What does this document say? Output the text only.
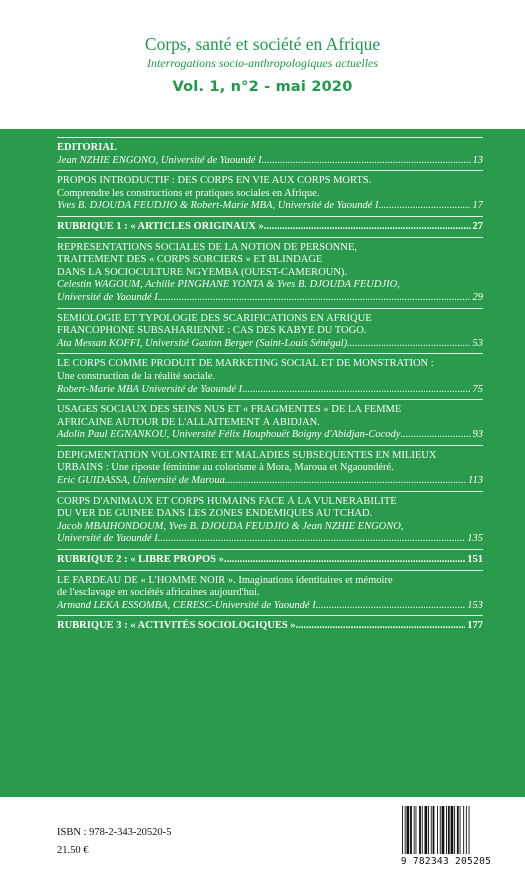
Corps, santé et société en Afrique
Interrogations socio-anthropologiques actuelles
Vol. 1, n°2 - mai 2020
ÉDITORIAL
Jean NZHIE ENGONO, Université de Yaoundé I .....	13
PROPOS INTRODUCTIF : DES CORPS EN VIE AUX CORPS MORTS.
Comprendre les constructions et pratiques sociales en Afrique.
Yves B. DJOUDA FEUDJIO & Robert-Marie MBA, Université de Yaoundé I .....	17
RUBRIQUE 1 : « ARTICLES ORIGINAUX » .....	27
REPRÉSENTATIONS SOCIALES DE LA NOTION DE PERSONNE,
TRAITEMENT DES « CORPS SORCIERS » ET BLINDAGE
DANS LA SOCIOCULTURE NGYEMBA (OUEST-CAMEROUN).
Celestin WAGOUM, Achille PINGHANE YONTA & Yves B. DJOUDA FEUDJIO,
Université de Yaoundé I .....	29
SÉMIOLOGIE ET TYPOLOGIE DES SCARIFICATIONS EN AFRIQUE
FRANCOPHONE SUBSAHARIENNE : CAS DES KABYÈ DU TOGO.
Ata Messan KOFFI, Université Gaston Berger (Saint-Louis Sénégal) .....	53
LE CORPS COMME PRODUIT DE MARKETING SOCIAL ET DE MONSTRATION :
Une construction de la réalité sociale.
Robert-Marie MBA Université de Yaoundé I .....	75
USAGES SOCIAUX DES SEINS NUS ET « FRAGMENTÉS » DE LA FEMME
AFRICAINE AUTOUR DE L'ALLAITEMENT À ABIDJAN.
Adolin Paul EGNANKOU, Université Félix Houphouët Boigny d'Abidjan-Cocody .....	93
DÉPIGMENTATION VOLONTAIRE ET MALADIES SUBSÉQUENTES EN MILIEUX
URBAINS : Une riposte féminine au colorisme à Mora, Maroua et Ngaoundéré.
Eric GUIDASSA, Université de Maroua .....	113
CORPS D'ANIMAUX ET CORPS HUMAINS FACE À LA VULNERABILITÉ
DU VER DE GUINÉE DANS LES ZONES ENDÉMIQUES AU TCHAD.
Jacob MBAIHONDOUM, Yves B. DJOUDA FEUDJIO & Jean NZHIE ENGONO,
Université de Yaoundé I .....	135
RUBRIQUE 2 : « LIBRE PROPOS » .....	151
LE FARDEAU DE « L'HOMME NOIR ». Imaginations identitaires et mémoire
de l'esclavage en sociétés africaines aujourd'hui.
Armand LEKA ESSOMBA, CERESC-Université de Yaoundé I .....	153
RUBRIQUE 3 : « ACTIVITÉS SOCIOLOGIQUES » .....	177
ISBN : 978-2-343-20520-5
21.50 €
9 782343 205205
